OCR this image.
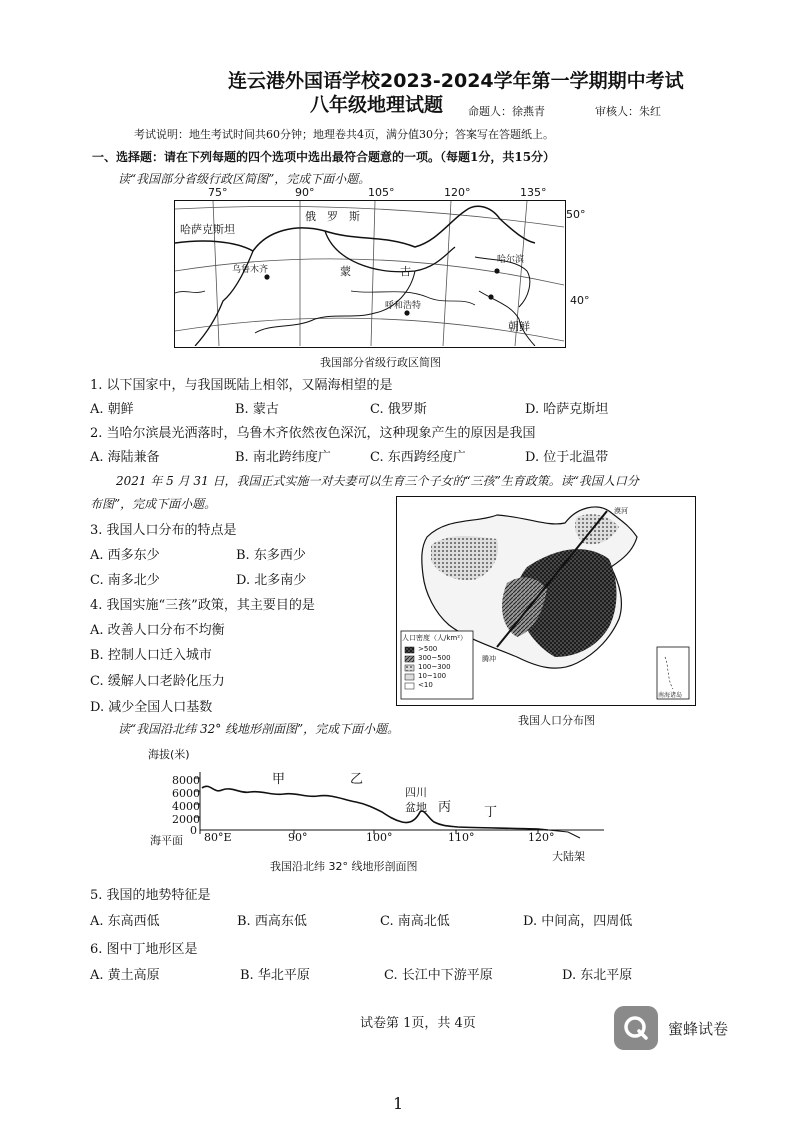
连云港外国语学校2023-2024学年第一学期期中考试
八年级地理试题 命题人：徐燕青	审核人：朱红
考试说明：地生考试时间共60分钟；地理卷共4页，满分值30分；答案写在答题纸上。
一、选择题：请在下列每题的四个选项中选出最符合题意的一项。（每题1分，共15分）
读“我国部分省级行政区简图”，完成下面小题。
75°	90°	105°	120°	135°
50°
40°
俄　罗　斯
哈萨克斯坦
蒙	古
乌鲁木齐
哈尔滨
呼和浩特
朝鲜
我国部分省级行政区简图
1. 以下国家中，与我国既陆上相邻，又隔海相望的是
A. 朝鲜	B. 蒙古	C. 俄罗斯	D. 哈萨克斯坦
2. 当哈尔滨晨光洒落时，乌鲁木齐依然夜色深沉，这种现象产生的原因是我国
A. 海陆兼备	B. 南北跨纬度广	C. 东西跨经度广	D. 位于北温带
2021 年 5 月 31 日，我国正式实施一对夫妻可以生育三个子女的“三孩”生育政策。读“我国人口分
布图”，完成下面小题。
3. 我国人口分布的特点是
A. 西多东少	B. 东多西少
C. 南多北少	D. 北多南少
4. 我国实施“三孩”政策，其主要目的是
A. 改善人口分布不均衡
B. 控制人口迁入城市
C. 缓解人口老龄化压力
D. 减少全国人口基数
人口密度（人/km²）
>500
300~500
100~300
10~100
<10
漠河
腾冲
南海诸岛
我国人口分布图
读“我国沿北纬 32° 线地形剖面图”，完成下面小题。
海拔(米)
8000
6000
4000
2000
0
海平面 80°E	90°	100°	110°	120°
甲	乙
四川
盆地 丙	丁
大陆架
我国沿北纬 32° 线地形剖面图
5. 我国的地势特征是
A. 东高西低	B. 西高东低	C. 南高北低	D. 中间高，四周低
6. 图中丁地形区是
A. 黄土高原	B. 华北平原	C. 长江中下游平原	D. 东北平原
试卷第 1页，共 4页	蜜蜂试卷
1
